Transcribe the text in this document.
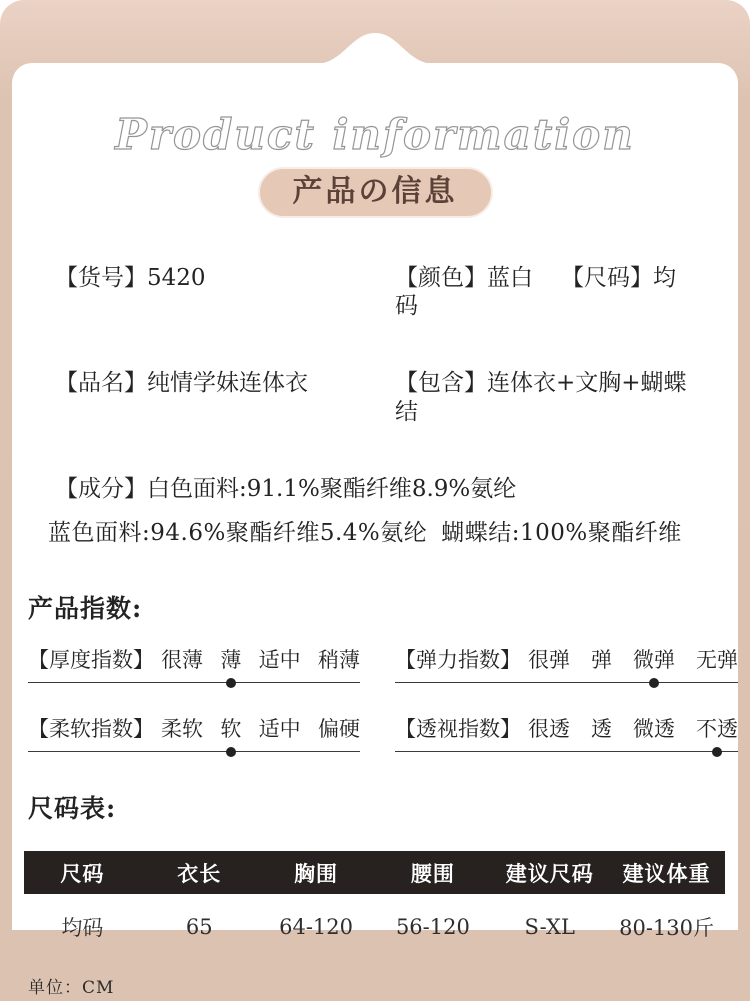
Product information
产品の信息
【货号】5420	【颜色】蓝白 【尺码】均码
【品名】纯情学妹连体衣	【包含】连体衣+文胸+蝴蝶结
【成分】白色面料:91.1%聚酯纤维8.9%氨纶
蓝色面料:94.6%聚酯纤维5.4%氨纶 蝴蝶结:100%聚酯纤维
产品指数:
【厚度指数】 很薄 薄 适中 稍薄 【弹力指数】 很弹 弹 微弹 无弹
【柔软指数】 柔软 软 适中 偏硬 【透视指数】 很透 透 微透 不透
尺码表:
尺码	衣长	胸围	腰围	建议尺码	建议体重
均码	65	64-120	56-120	S-XL	80-130斤
单位：CM
